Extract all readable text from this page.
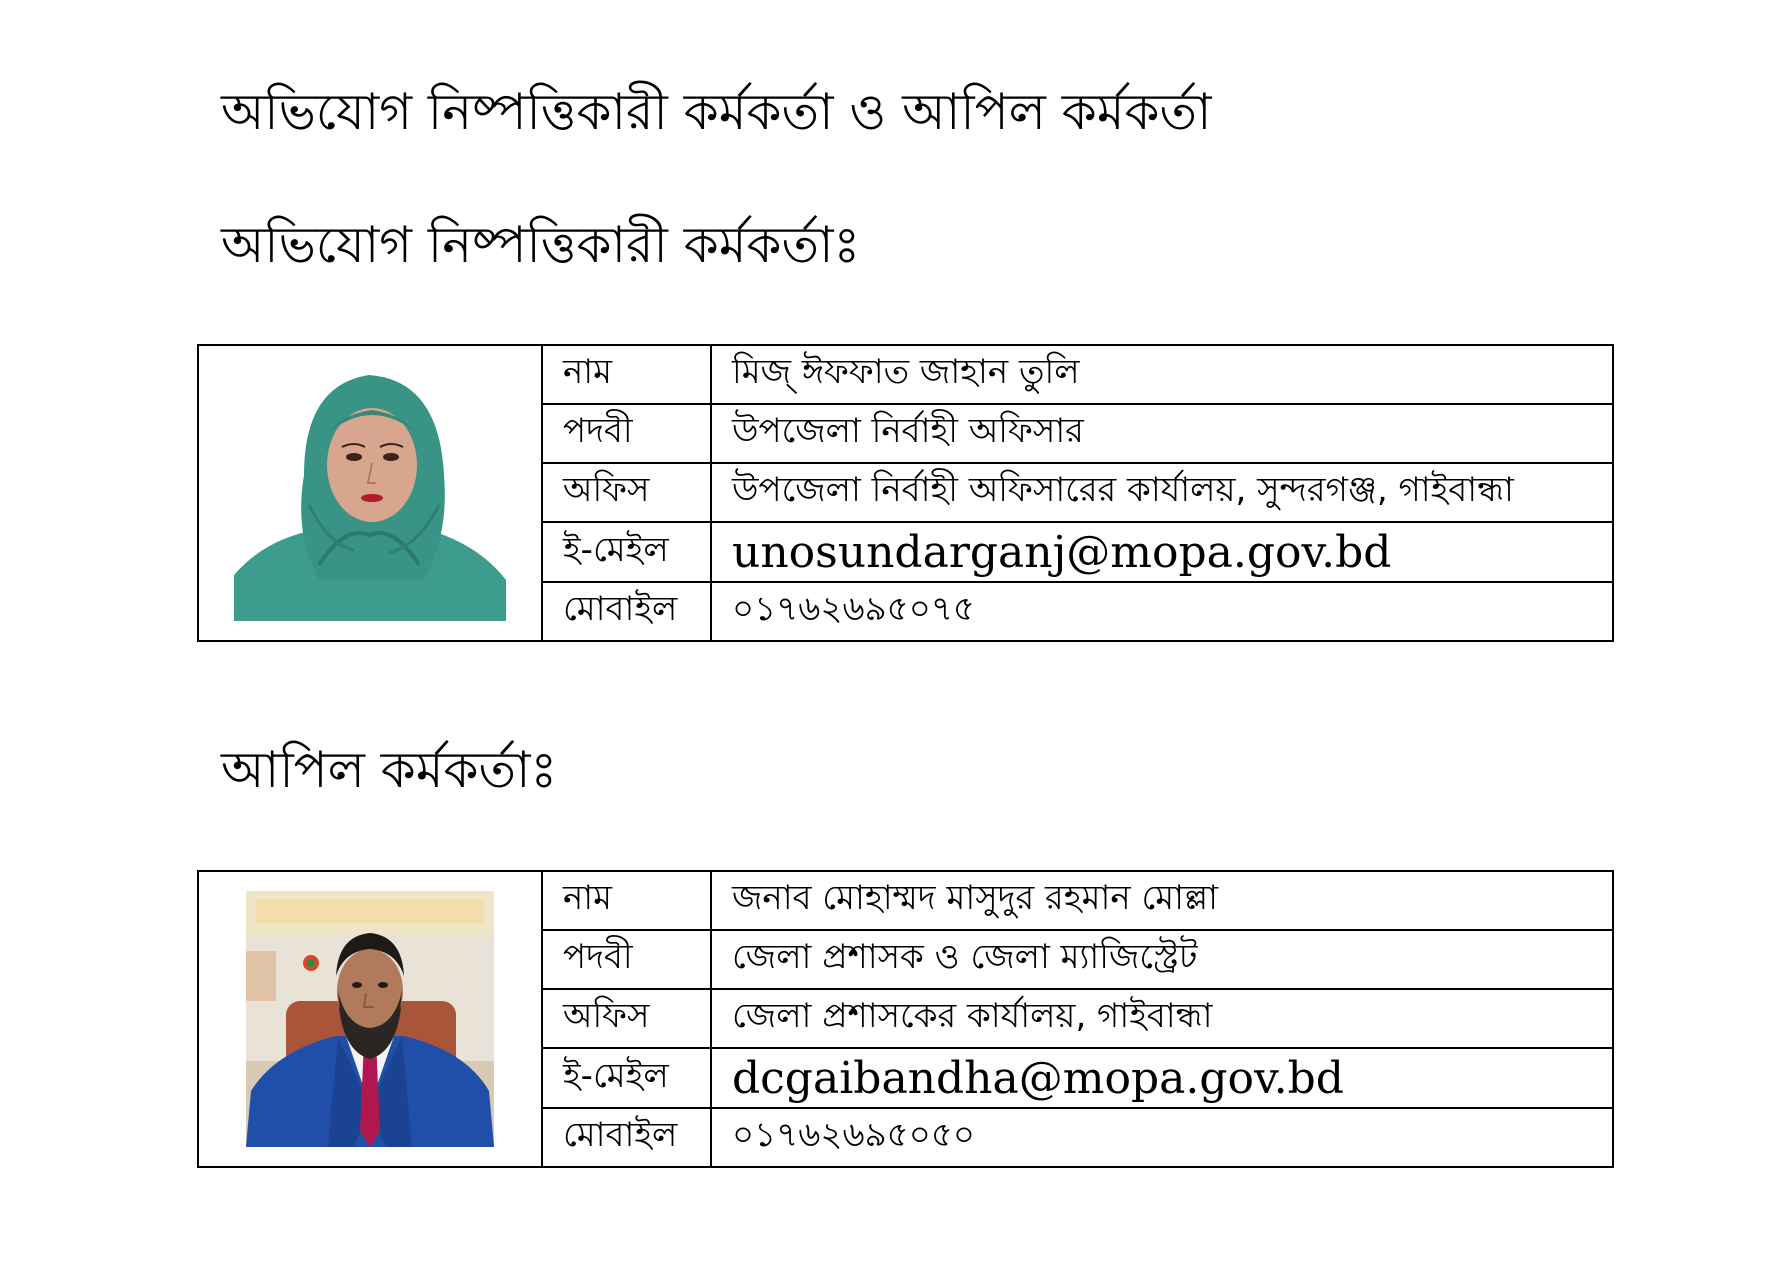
অভিযোগ নিষ্পত্তিকারী কর্মকর্তা ও আপিল কর্মকর্তা
অভিযোগ নিষ্পত্তিকারী কর্মকর্তাঃ
	নাম	মিজ্ ঈফফাত জাহান তুলি
	পদবী	উপজেলা নির্বাহী অফিসার
	অফিস	উপজেলা নির্বাহী অফিসারের কার্যালয়, সুন্দরগঞ্জ, গাইবান্ধা
	ই-মেইল	unosundarganj@mopa.gov.bd
	মোবাইল	০১৭৬২৬৯৫০৭৫
আপিল কর্মকর্তাঃ
	নাম	জনাব মোহাম্মদ মাসুদুর রহমান মোল্লা
	পদবী	জেলা প্রশাসক ও জেলা ম্যাজিস্ট্রেট
	অফিস	জেলা প্রশাসকের কার্যালয়, গাইবান্ধা
	ই-মেইল	dcgaibandha@mopa.gov.bd
	মোবাইল	০১৭৬২৬৯৫০৫০
